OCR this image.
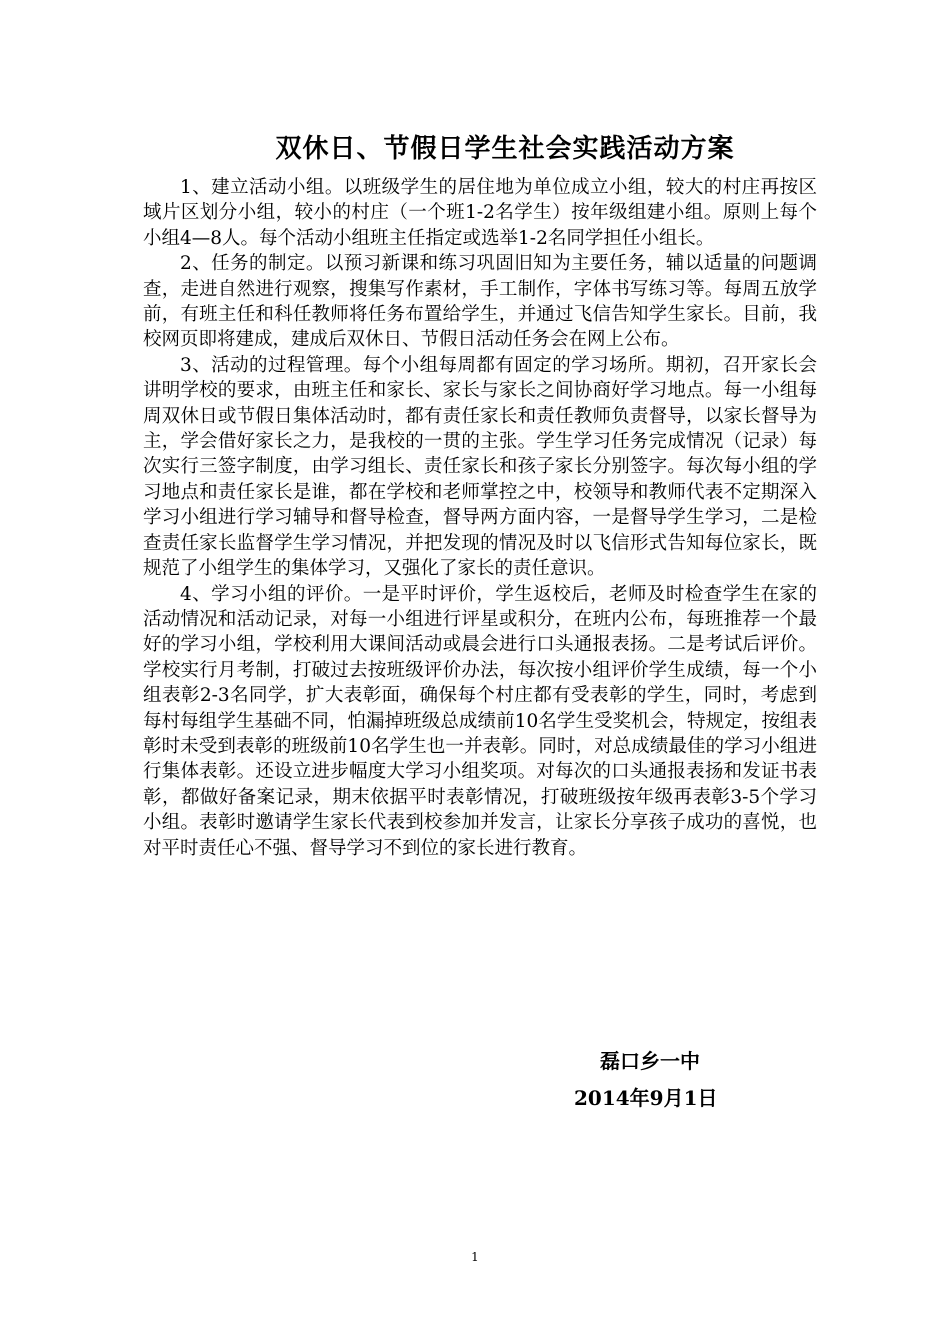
双休日、节假日学生社会实践活动方案

1、建立活动小组。以班级学生的居住地为单位成立小组，较大的村庄再按区域片区划分小组，较小的村庄（一个班1-2名学生）按年级组建小组。原则上每个小组4—8人。每个活动小组班主任指定或选举1-2名同学担任小组长。

2、任务的制定。以预习新课和练习巩固旧知为主要任务，辅以适量的问题调查，走进自然进行观察，搜集写作素材，手工制作，字体书写练习等。每周五放学前，有班主任和科任教师将任务布置给学生，并通过飞信告知学生家长。目前，我校网页即将建成，建成后双休日、节假日活动任务会在网上公布。

3、活动的过程管理。每个小组每周都有固定的学习场所。期初，召开家长会讲明学校的要求，由班主任和家长、家长与家长之间协商好学习地点。每一小组每周双休日或节假日集体活动时，都有责任家长和责任教师负责督导，以家长督导为主，学会借好家长之力，是我校的一贯的主张。学生学习任务完成情况（记录）每次实行三签字制度，由学习组长、责任家长和孩子家长分别签字。每次每小组的学习地点和责任家长是谁，都在学校和老师掌控之中，校领导和教师代表不定期深入学习小组进行学习辅导和督导检查，督导两方面内容，一是督导学生学习，二是检查责任家长监督学生学习情况，并把发现的情况及时以飞信形式告知每位家长，既规范了小组学生的集体学习，又强化了家长的责任意识。

4、学习小组的评价。一是平时评价，学生返校后，老师及时检查学生在家的活动情况和活动记录，对每一小组进行评星或积分，在班内公布，每班推荐一个最好的学习小组，学校利用大课间活动或晨会进行口头通报表扬。二是考试后评价。学校实行月考制，打破过去按班级评价办法，每次按小组评价学生成绩，每一个小组表彰2-3名同学，扩大表彰面，确保每个村庄都有受表彰的学生，同时，考虑到每村每组学生基础不同，怕漏掉班级总成绩前10名学生受奖机会，特规定，按组表彰时未受到表彰的班级前10名学生也一并表彰。同时，对总成绩最佳的学习小组进行集体表彰。还设立进步幅度大学习小组奖项。对每次的口头通报表扬和发证书表彰，都做好备案记录，期末依据平时表彰情况，打破班级按年级再表彰3-5个学习小组。表彰时邀请学生家长代表到校参加并发言，让家长分享孩子成功的喜悦，也对平时责任心不强、督导学习不到位的家长进行教育。

磊口乡一中
2014年9月1日
1
